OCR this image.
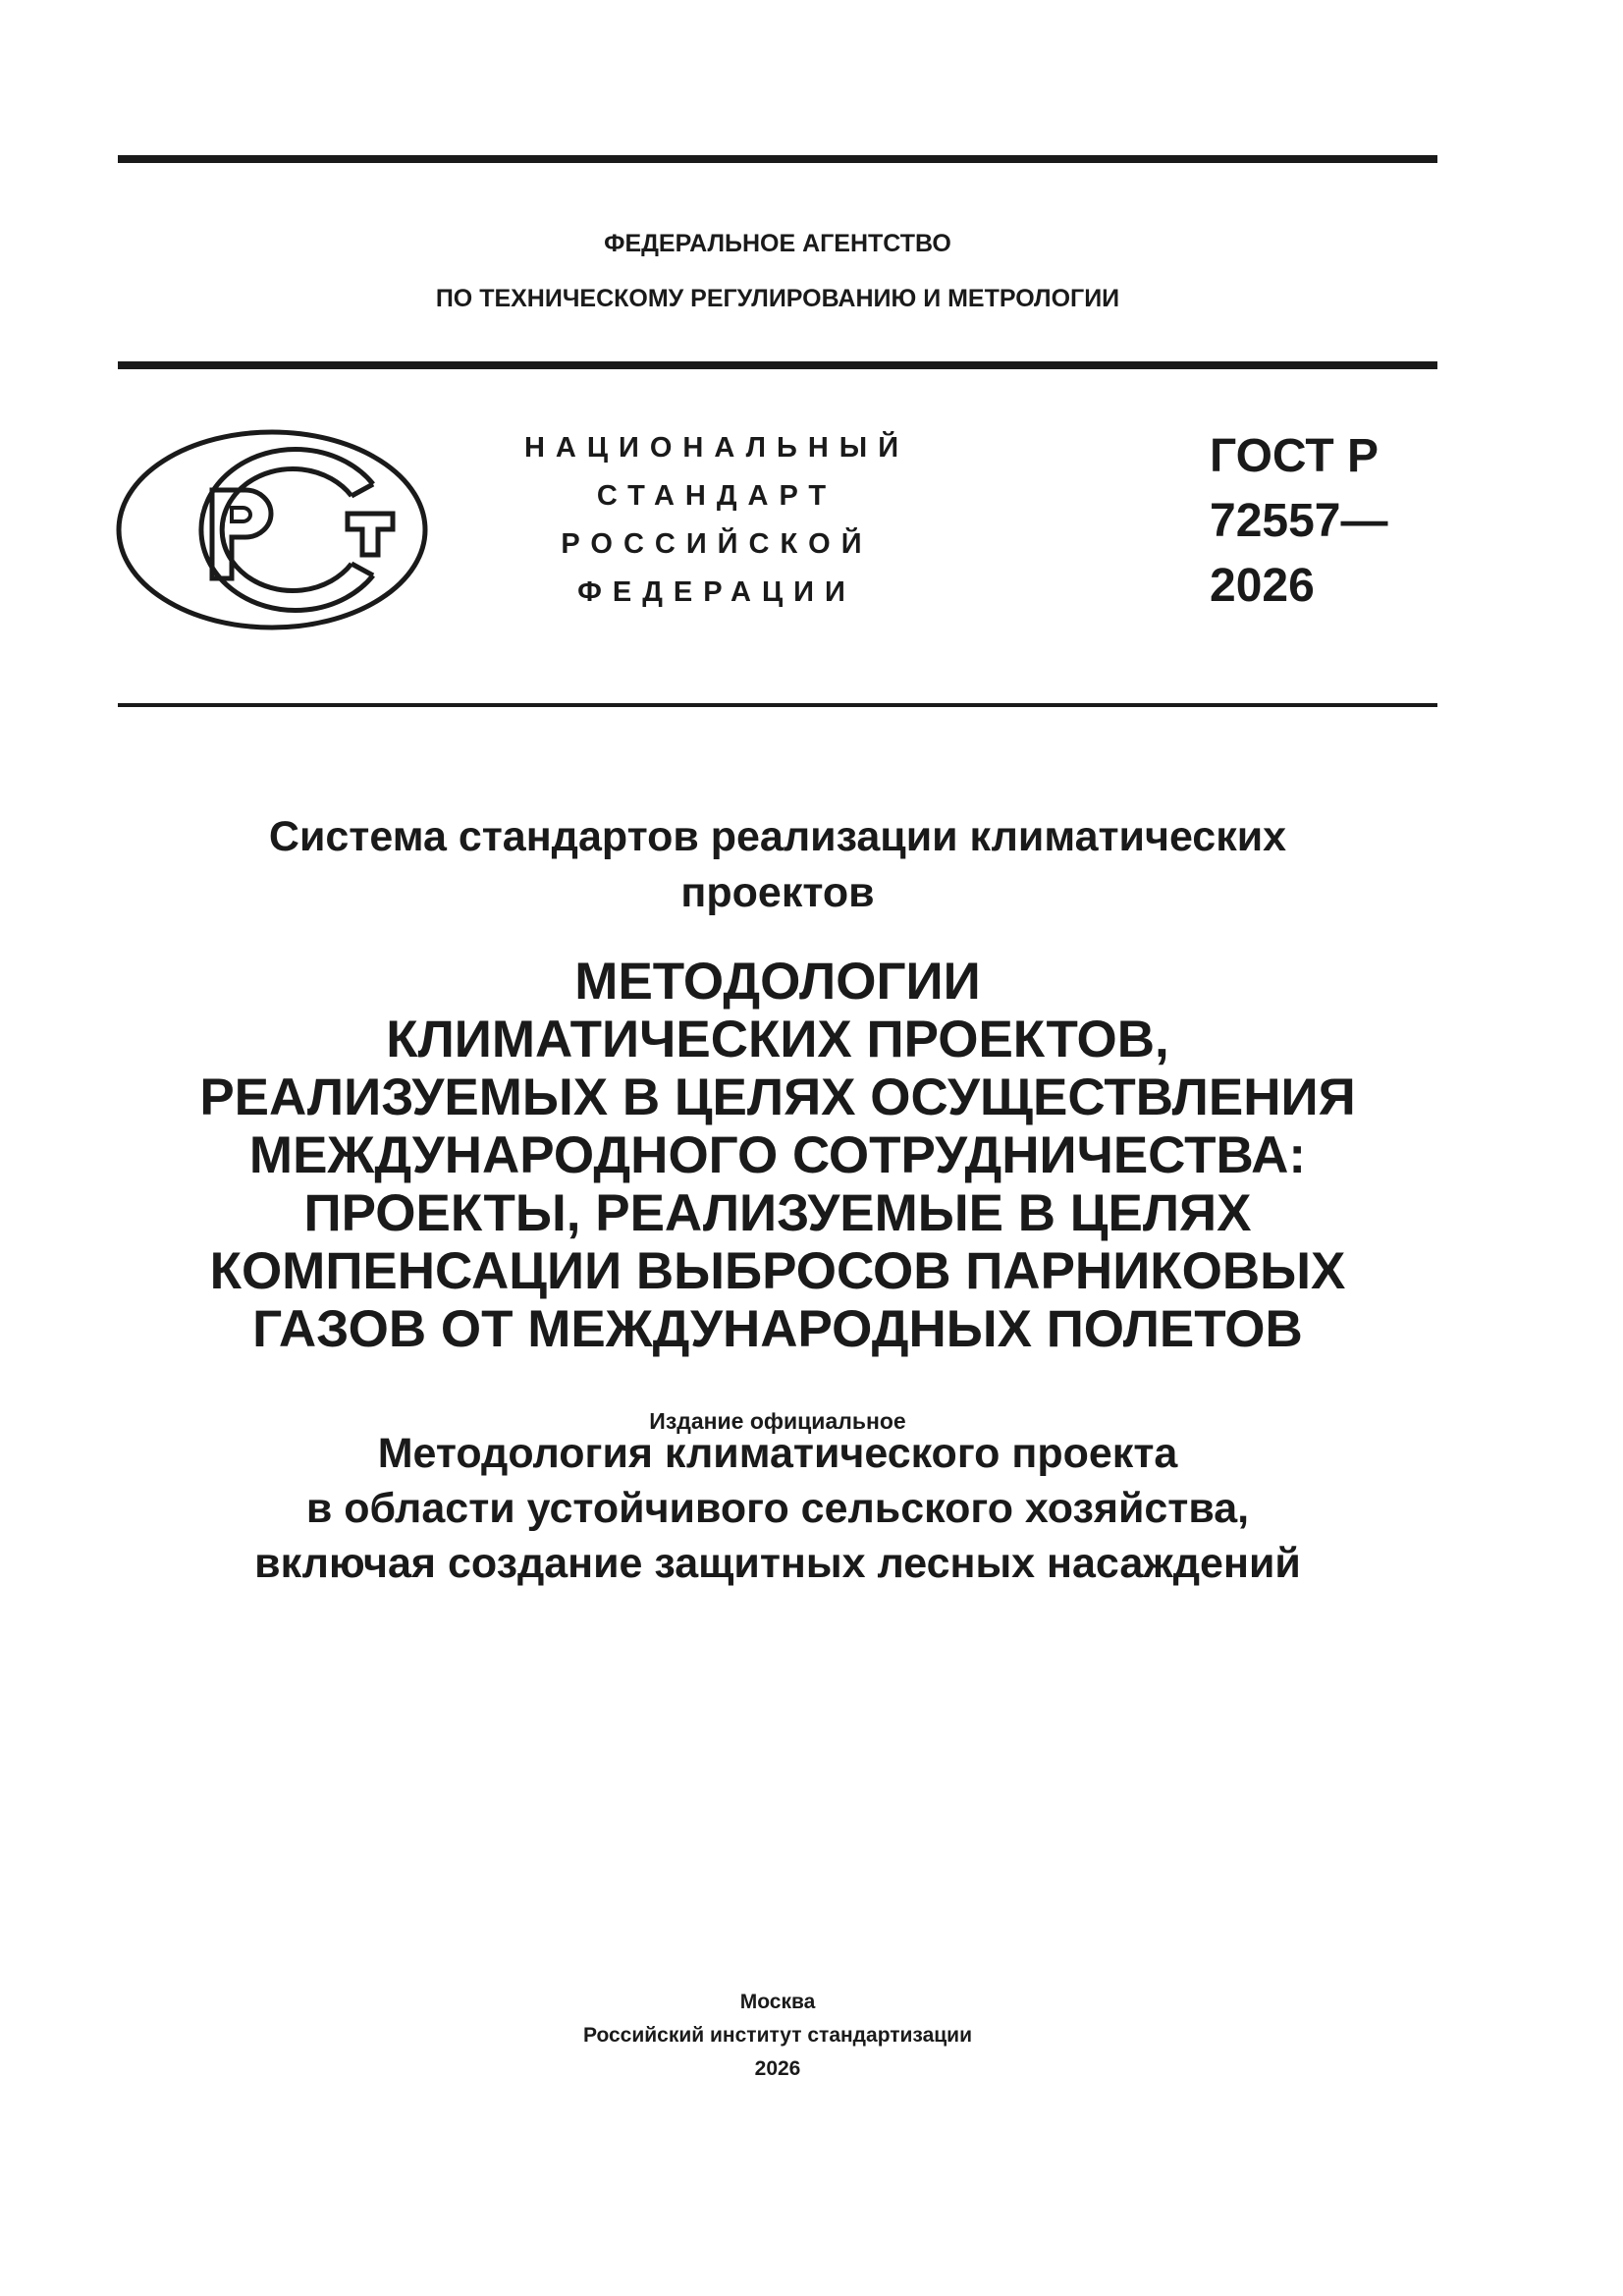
ФЕДЕРАЛЬНОЕ АГЕНТСТВО
ПО ТЕХНИЧЕСКОМУ РЕГУЛИРОВАНИЮ И МЕТРОЛОГИИ
НАЦИОНАЛЬНЫЙ
СТАНДАРТ
РОССИЙСКОЙ
ФЕДЕРАЦИИ
ГОСТ Р
72557—
2026
Система стандартов реализации климатических
проектов
МЕТОДОЛОГИИ
КЛИМАТИЧЕСКИХ ПРОЕКТОВ,
РЕАЛИЗУЕМЫХ В ЦЕЛЯХ ОСУЩЕСТВЛЕНИЯ
МЕЖДУНАРОДНОГО СОТРУДНИЧЕСТВА:
ПРОЕКТЫ, РЕАЛИЗУЕМЫЕ В ЦЕЛЯХ
КОМПЕНСАЦИИ ВЫБРОСОВ ПАРНИКОВЫХ
ГАЗОВ ОТ МЕЖДУНАРОДНЫХ ПОЛЕТОВ
Методология климатического проекта
в области устойчивого сельского хозяйства,
включая создание защитных лесных насаждений
Издание официальное
Москва
Российский институт стандартизации
2026
